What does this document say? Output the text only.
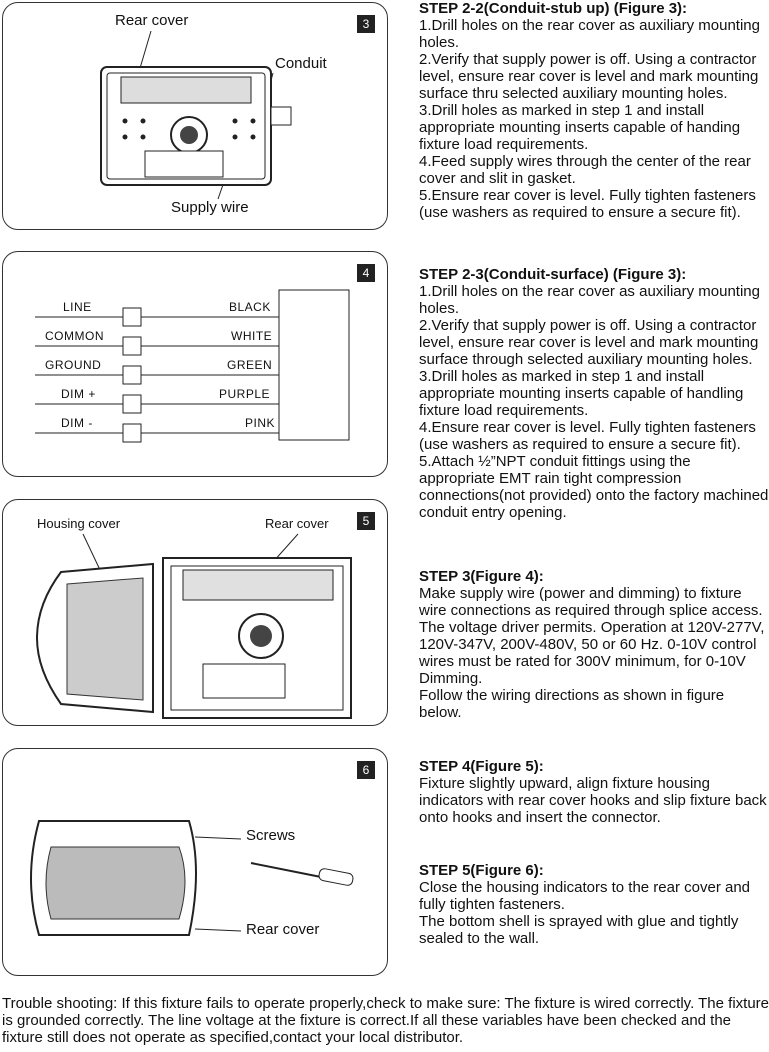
3
Rear cover
Conduit
Supply wire
4
LINE	BLACK
COMMON	WHITE
GROUND	GREEN
DIM +	PURPLE
DIM -	PINK
5
Housing cover	Rear cover
6
Screws
Rear cover
STEP 2-2(Conduit-stub up) (Figure 3):

1.Drill holes on the rear cover as auxiliary mounting holes.

2.Verify that supply power is off. Using a contractor level, ensure rear cover is level and mark mounting surface thru selected auxiliary mounting holes.

3.Drill holes as marked in step 1 and install appropriate mounting inserts capable of handing fixture load requirements.

4.Feed supply wires through the center of the rear cover and slit in gasket.

5.Ensure rear cover is level. Fully tighten fasteners (use washers as required to ensure a secure fit).

STEP 2-3(Conduit-surface) (Figure 3):

1.Drill holes on the rear cover as auxiliary mounting holes.

2.Verify that supply power is off. Using a contractor level, ensure rear cover is level and mark mounting surface through selected auxiliary mounting holes.

3.Drill holes as marked in step 1 and install appropriate mounting inserts capable of handling fixture load requirements.

4.Ensure rear cover is level. Fully tighten fasteners (use washers as required to ensure a secure fit).

5.Attach ½”NPT conduit fittings using the appropriate EMT rain tight compression connections(not provided) onto the factory machined conduit entry opening.

STEP 3(Figure 4):

Make supply wire (power and dimming) to fixture wire connections as required through splice access.

The voltage driver permits. Operation at 120V-277V, 120V-347V, 200V-480V, 50 or 60 Hz. 0-10V control wires must be rated for 300V minimum, for 0-10V Dimming.

Follow the wiring directions as shown in figure below.

STEP 4(Figure 5):

Fixture slightly upward, align fixture housing indicators with rear cover hooks and slip fixture back onto hooks and insert the connector.

STEP 5(Figure 6):

Close the housing indicators to the rear cover and fully tighten fasteners.

The bottom shell is sprayed with glue and tightly sealed to the wall.

Trouble shooting: If this fixture fails to operate properly,check to make sure: The fixture is wired correctly. The fixture is grounded correctly. The line voltage at the fixture is correct.If all these variables have been checked and the fixture still does not operate as specified,contact your local distributor.
